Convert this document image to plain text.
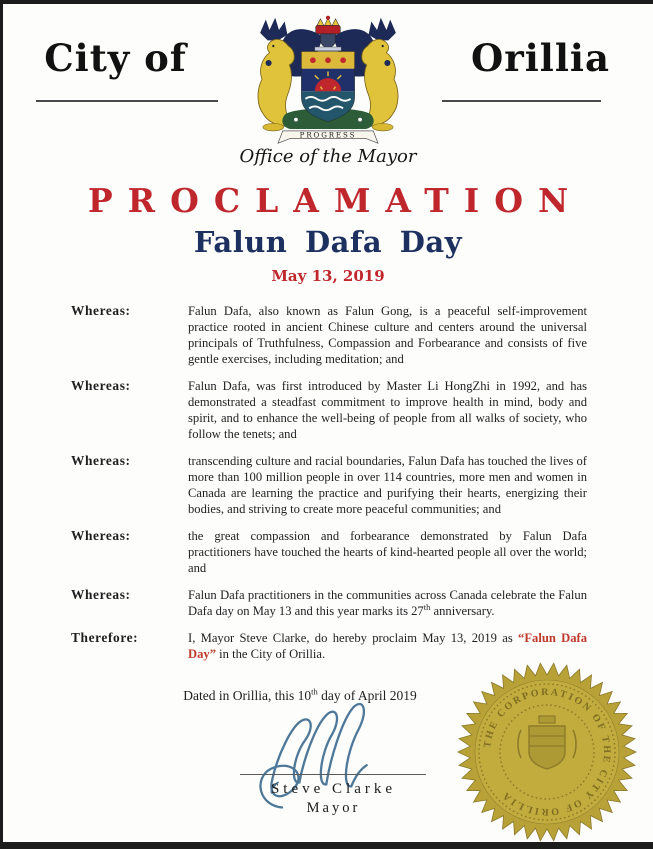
City of
PROGRESS
Orillia
Office of the Mayor
PROCLAMATION
Falun Dafa Day
May 13, 2019
Whereas:	Falun Dafa, also known as Falun Gong, is a peaceful self-improvement practice rooted in ancient Chinese culture and centers around the universal principals of Truthfulness, Compassion and Forbearance and consists of five gentle exercises, including meditation; and
Whereas:	Falun Dafa, was first introduced by Master Li HongZhi in 1992, and has demonstrated a steadfast commitment to improve health in mind, body and spirit, and to enhance the well-being of people from all walks of society, who follow the tenets; and
Whereas:	transcending culture and racial boundaries, Falun Dafa has touched the lives of more than 100 million people in over 114 countries, more men and women in Canada are learning the practice and purifying their hearts, energizing their bodies, and striving to create more peaceful communities; and
Whereas:	the great compassion and forbearance demonstrated by Falun Dafa practitioners have touched the hearts of kind-hearted people all over the world; and
Whereas:	Falun Dafa practitioners in the communities across Canada celebrate the Falun Dafa day on May 13 and this year marks its 27th anniversary.
Therefore:	I, Mayor Steve Clarke, do hereby proclaim May 13, 2019 as “Falun Dafa Day” in the City of Orillia.
Dated in Orillia, this 10th day of April 2019
Steve Clarke
Mayor
THE CORPORATION OF THE CITY OF ORILLIA
